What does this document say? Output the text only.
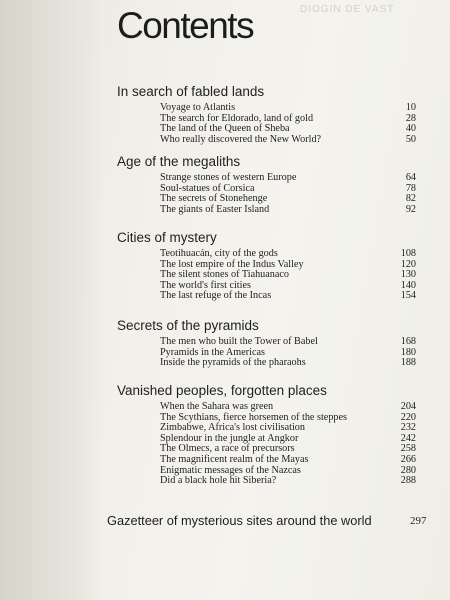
DIOGIN DE VAST
Contents
In search of fabled lands
Voyage to Atlantis	10
The search for Eldorado, land of gold	28
The land of the Queen of Sheba	40
Who really discovered the New World?	50
Age of the megaliths
Strange stones of western Europe	64
Soul-statues of Corsica	78
The secrets of Stonehenge	82
The giants of Easter Island	92
Cities of mystery
Teotihuacán, city of the gods	108
The lost empire of the Indus Valley	120
The silent stones of Tiahuanaco	130
The world's first cities	140
The last refuge of the Incas	154
Secrets of the pyramids
The men who built the Tower of Babel	168
Pyramids in the Americas	180
Inside the pyramids of the pharaohs	188
Vanished peoples, forgotten places
When the Sahara was green	204
The Scythians, fierce horsemen of the steppes	220
Zimbabwe, Africa's lost civilisation	232
Splendour in the jungle at Angkor	242
The Olmecs, a race of precursors	258
The magnificent realm of the Mayas	266
Enigmatic messages of the Nazcas	280
Did a black hole hit Siberia?	288
Gazetteer of mysterious sites around the world	297
